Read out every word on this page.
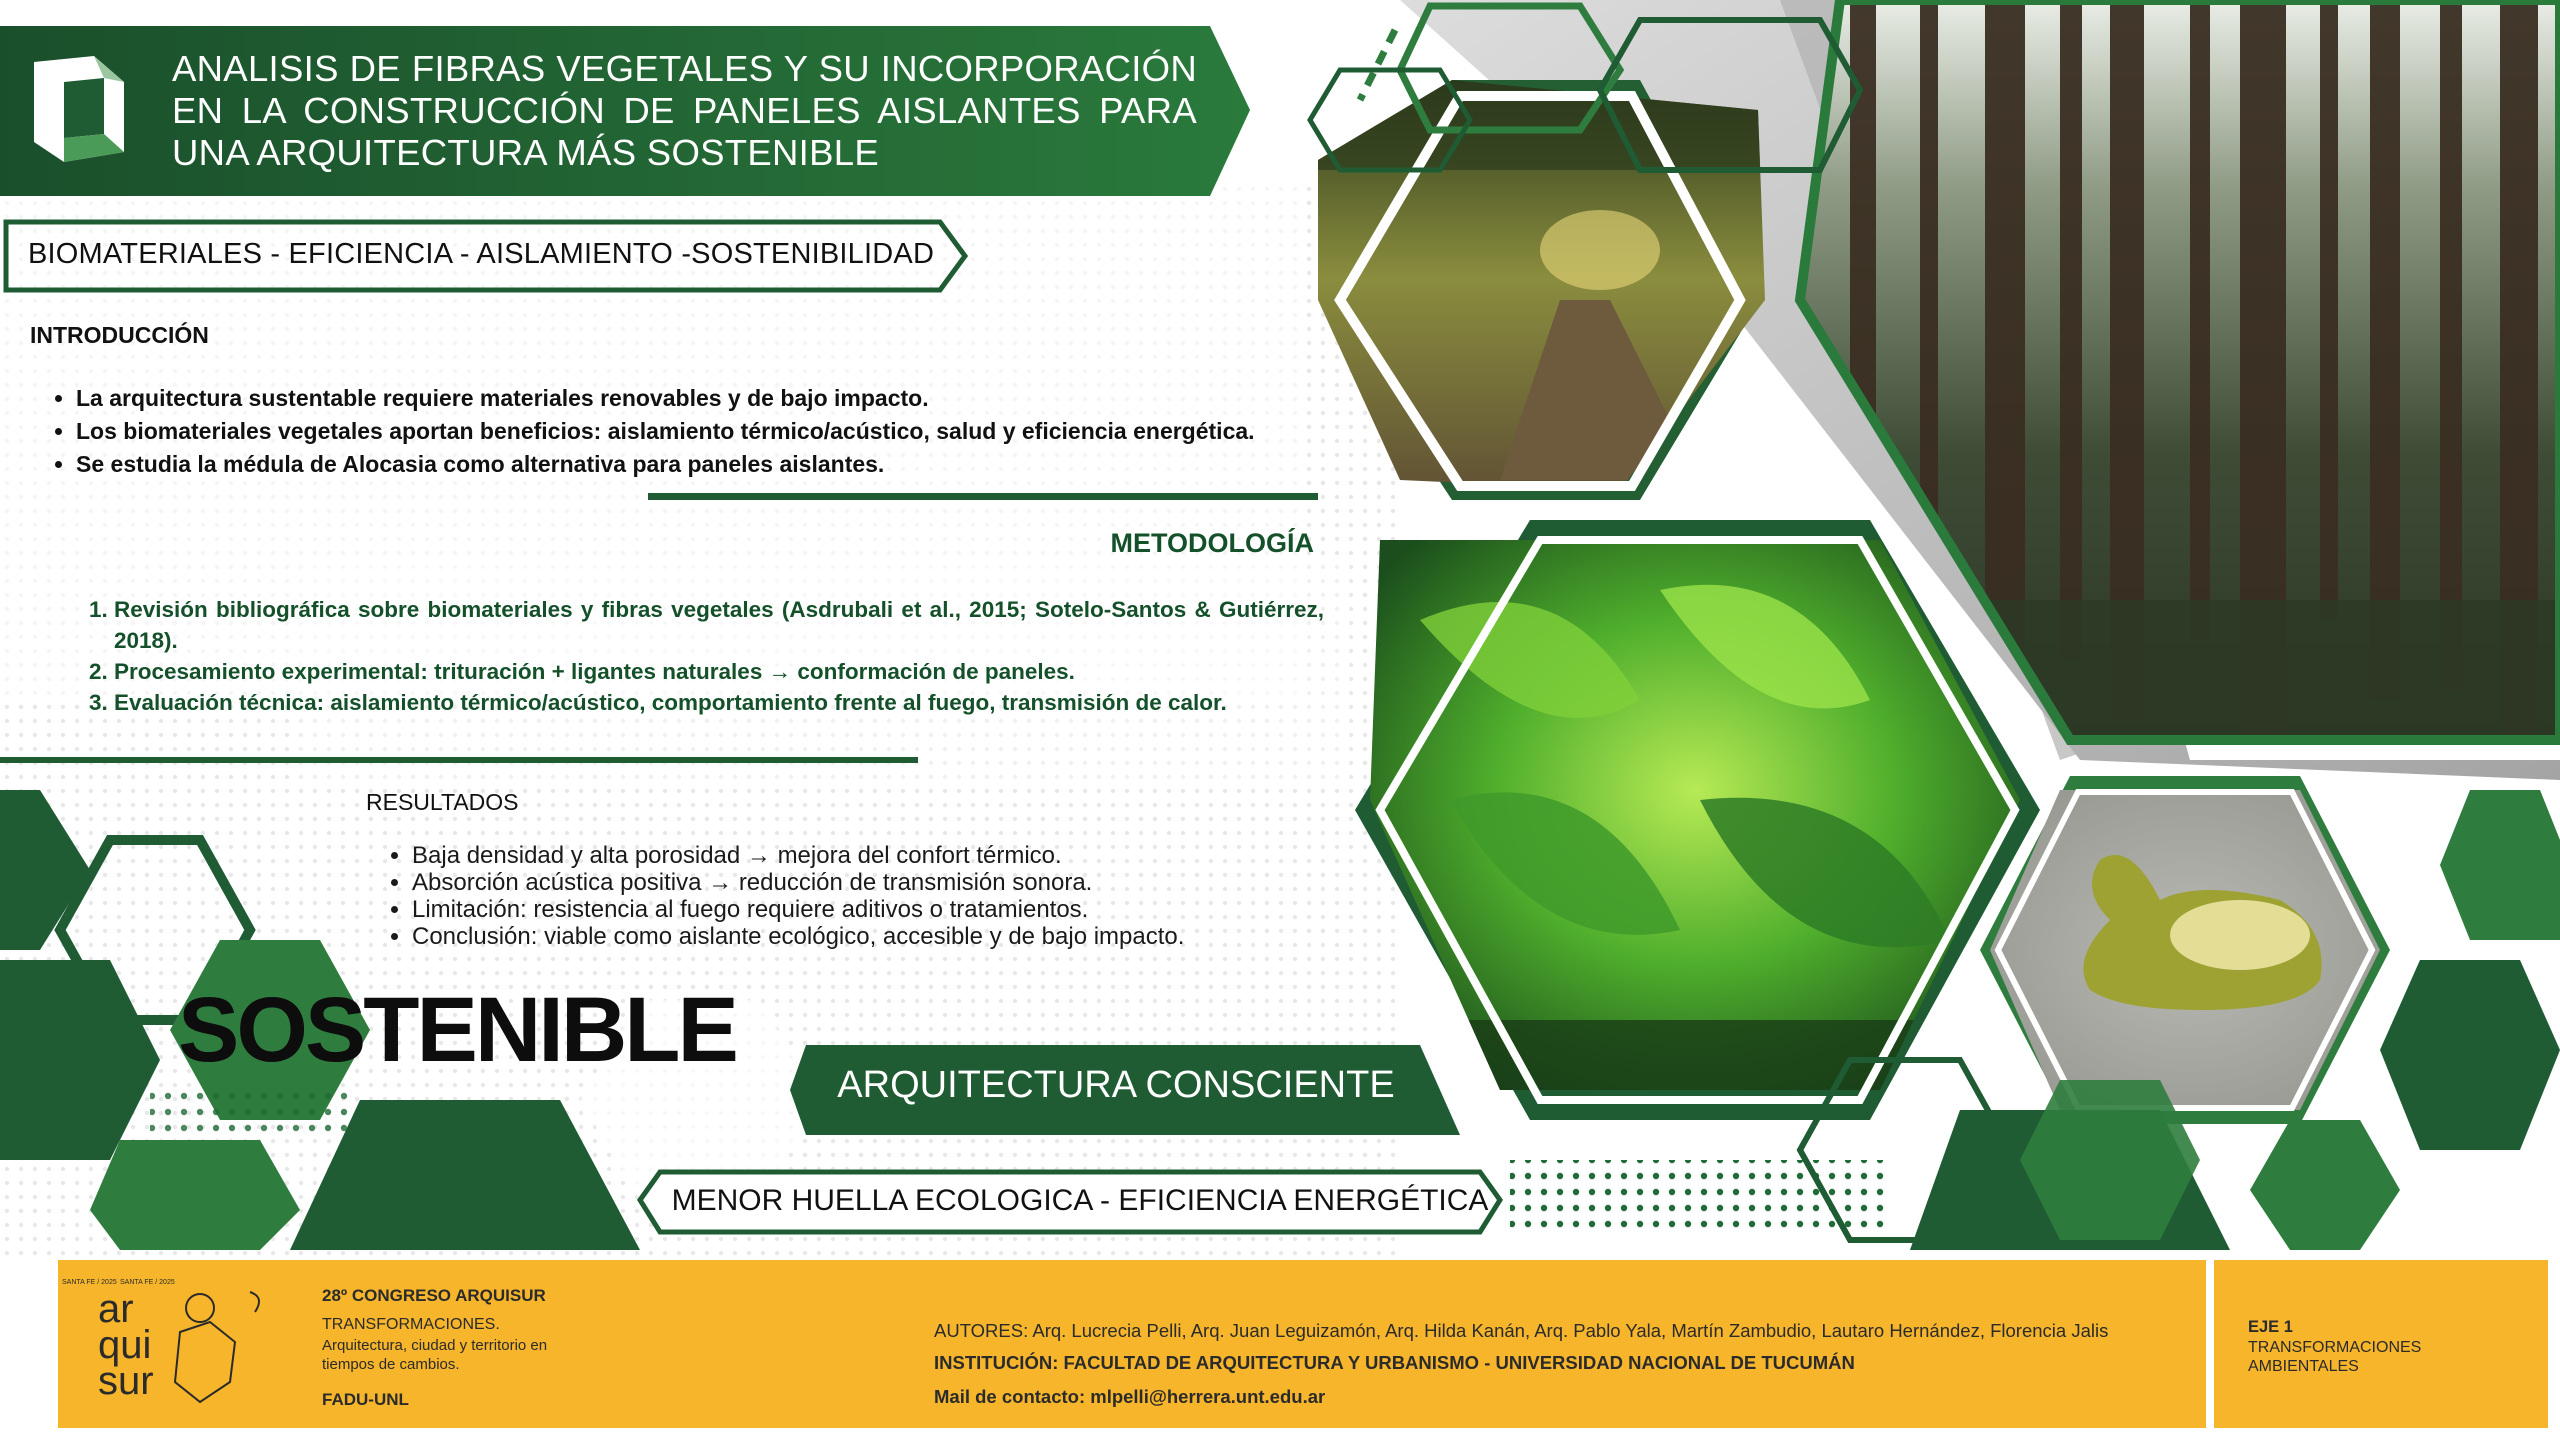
ANALISIS DE FIBRAS VEGETALES Y SU INCORPORACIÓN EN LA CONSTRUCCIÓN DE PANELES AISLANTES PARA UNA ARQUITECTURA MÁS SOSTENIBLE
BIOMATERIALES - EFICIENCIA - AISLAMIENTO -SOSTENIBILIDAD
INTRODUCCIÓN
• La arquitectura sustentable requiere materiales renovables y de bajo impacto.
• Los biomateriales vegetales aportan beneficios: aislamiento térmico/acústico, salud y eficiencia energética.
• Se estudia la médula de Alocasia como alternativa para paneles aislantes.
METODOLOGÍA
1. Revisión bibliográfica sobre biomateriales y fibras vegetales (Asdrubali et al., 2015; Sotelo-Santos & Gutiérrez, 2018).
2. Procesamiento experimental: trituración + ligantes naturales → conformación de paneles.
3. Evaluación técnica: aislamiento térmico/acústico, comportamiento frente al fuego, transmisión de calor.
RESULTADOS
• Baja densidad y alta porosidad → mejora del confort térmico.
• Absorción acústica positiva → reducción de transmisión sonora.
• Limitación: resistencia al fuego requiere aditivos o tratamientos.
• Conclusión: viable como aislante ecológico, accesible y de bajo impacto.
SOSTENIBLE
ARQUITECTURA CONSCIENTE
MENOR HUELLA ECOLOGICA - EFICIENCIA ENERGÉTICA
SANTA FE / 2025 SANTA FE / 2025
ar
qui
sur
28º CONGRESO ARQUISUR
TRANSFORMACIONES.
Arquitectura, ciudad y territorio en tiempos de cambios.
FADU-UNL
AUTORES: Arq. Lucrecia Pelli, Arq. Juan Leguizamón, Arq. Hilda Kanán, Arq. Pablo Yala, Martín Zambudio, Lautaro Hernández, Florencia Jalis
INSTITUCIÓN: FACULTAD DE ARQUITECTURA Y URBANISMO - UNIVERSIDAD NACIONAL DE TUCUMÁN
Mail de contacto: mlpelli@herrera.unt.edu.ar
EJE 1
TRANSFORMACIONES AMBIENTALES
